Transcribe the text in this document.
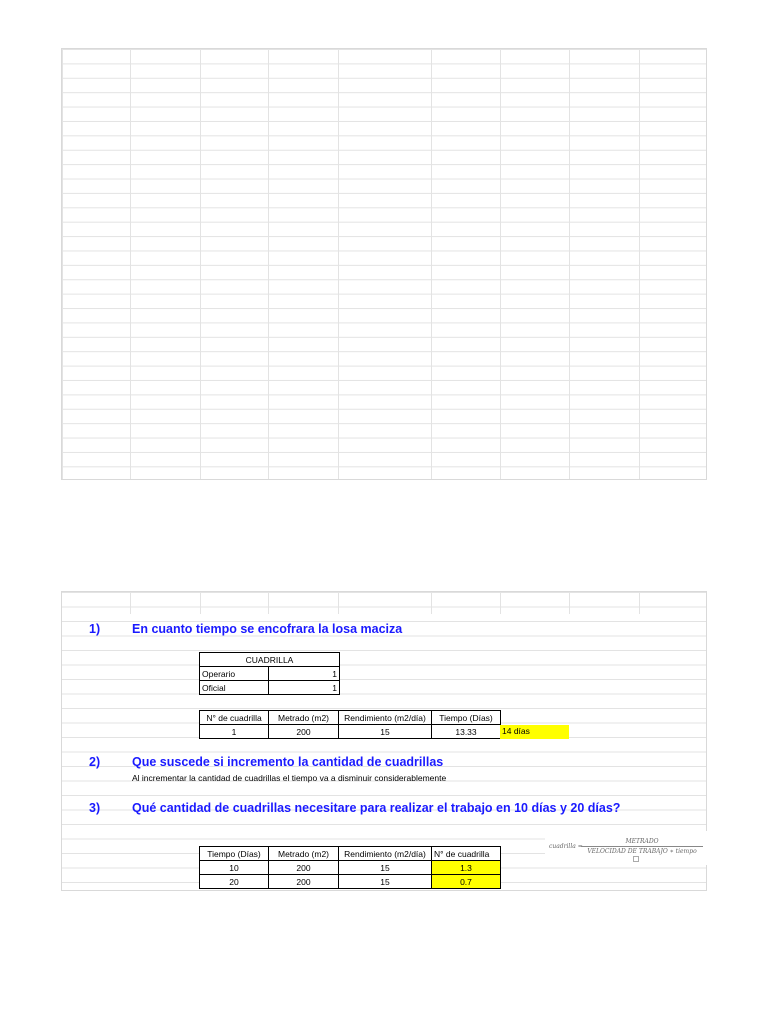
1)	En cuanto tiempo se encofrara la losa maciza
CUADRILLA	
Operario	1
Oficial	1
N° de cuadrilla	Metrado (m2)	Rendimiento (m2/día)	Tiempo (Días)
1	200	15	13.33	14 días
2)	Que suscede si incremento la cantidad de cuadrillas
Al incrementar la cantidad de cuadrillas el tiempo va a disminuir considerablemente
3)	Qué cantidad de cuadrillas necesitare para realizar el trabajo en 10 días y 20 días?
Tiempo (Días)	Metrado (m2)	Rendimiento (m2/día)	N° de cuadrilla
10	200	15	1.3
20	200	15	0.7
cuadrilla =
METRADO
VELOCIDAD DE TRABAJO ∗ tiempo
